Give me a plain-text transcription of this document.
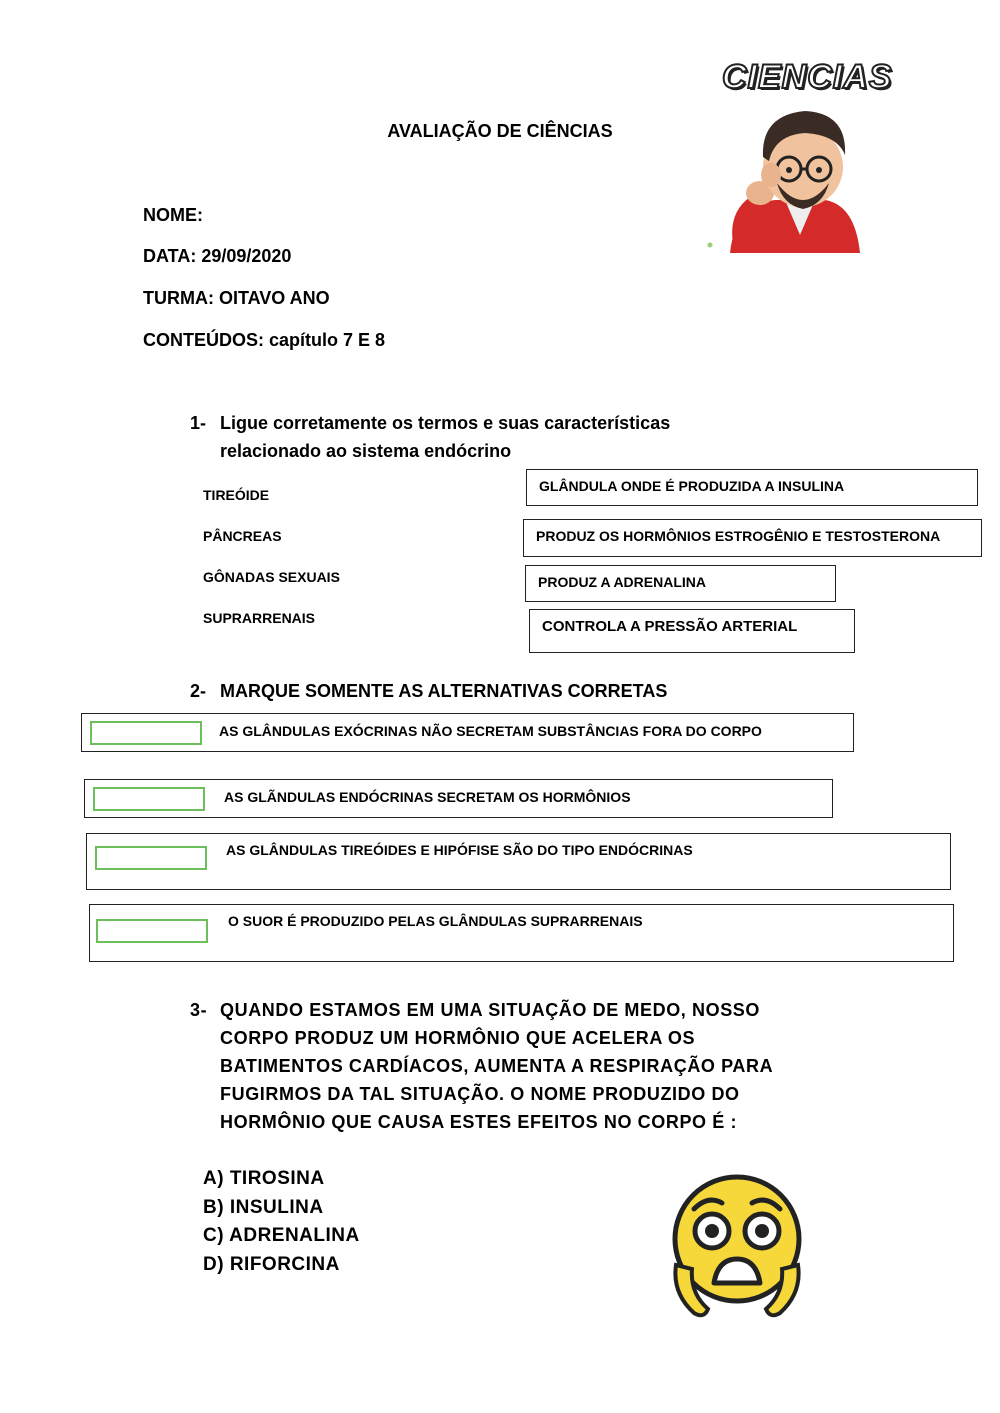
CIENCIAS
AVALIAÇÃO DE CIÊNCIAS
NOME:
DATA: 29/09/2020
TURMA: OITAVO ANO
CONTEÚDOS: capítulo 7 E 8
1- Ligue corretamente os termos e suas características
relacionado ao sistema endócrino
TIREÓIDE
PÂNCREAS
GÔNADAS SEXUAIS
SUPRARRENAIS
GLÂNDULA ONDE É PRODUZIDA A INSULINA
PRODUZ OS HORMÔNIOS ESTROGÊNIO E TESTOSTERONA
PRODUZ A ADRENALINA
CONTROLA A PRESSÃO ARTERIAL
2- MARQUE SOMENTE AS ALTERNATIVAS CORRETAS
AS GLÂNDULAS EXÓCRINAS NÃO SECRETAM SUBSTÂNCIAS FORA DO CORPO
AS GLÃNDULAS ENDÓCRINAS SECRETAM OS HORMÔNIOS
AS GLÂNDULAS TIREÓIDES E HIPÓFISE SÃO DO TIPO ENDÓCRINAS
O SUOR É PRODUZIDO PELAS GLÂNDULAS SUPRARRENAIS
3- QUANDO ESTAMOS EM UMA SITUAÇÃO DE MEDO, NOSSO
CORPO PRODUZ UM HORMÔNIO QUE ACELERA OS
BATIMENTOS CARDÍACOS, AUMENTA A RESPIRAÇÃO PARA
FUGIRMOS DA TAL SITUAÇÃO. O NOME PRODUZIDO DO
HORMÔNIO QUE CAUSA ESTES EFEITOS NO CORPO É :
A) TIROSINA
B) INSULINA
C) ADRENALINA
D) RIFORCINA
